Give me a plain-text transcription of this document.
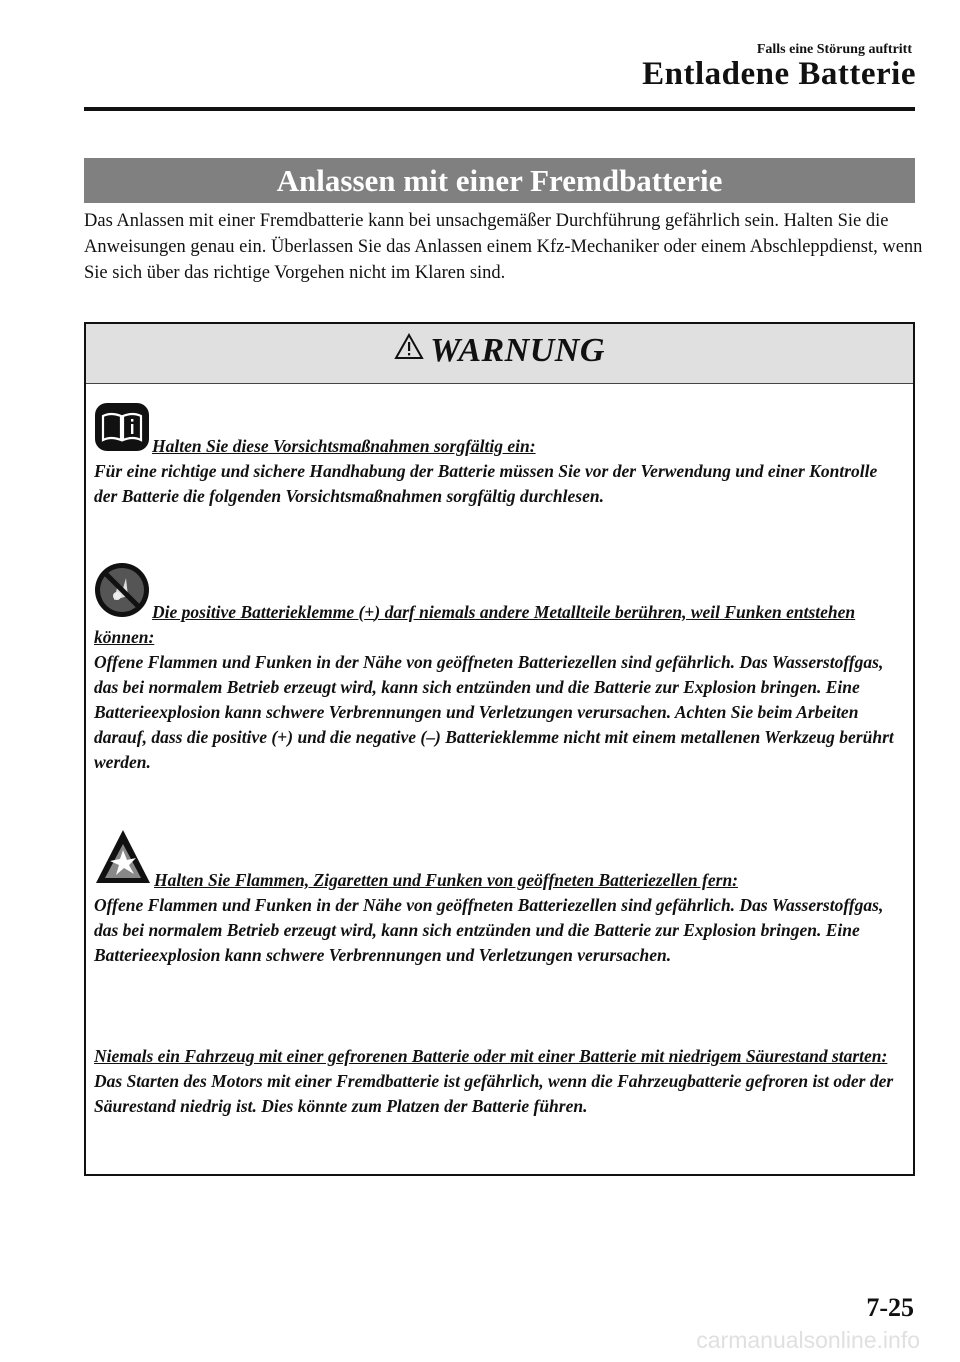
Falls eine Störung auftritt
Entladene Batterie
Anlassen mit einer Fremdbatterie
Das Anlassen mit einer Fremdbatterie kann bei unsachgemäßer Durchführung gefährlich sein. Halten Sie die Anweisungen genau ein. Überlassen Sie das Anlassen einem Kfz-Mechaniker oder einem Abschleppdienst, wenn Sie sich über das richtige Vorgehen nicht im Klaren sind.
WARNUNG
Halten Sie diese Vorsichtsmaßnahmen sorgfältig ein:
Für eine richtige und sichere Handhabung der Batterie müssen Sie vor der Verwendung und einer Kontrolle der Batterie die folgenden Vorsichtsmaßnahmen sorgfältig durchlesen.
Die positive Batterieklemme (+) darf niemals andere Metallteile berühren, weil Funken entstehen können:
Offene Flammen und Funken in der Nähe von geöffneten Batteriezellen sind gefährlich. Das Wasserstoffgas, das bei normalem Betrieb erzeugt wird, kann sich entzünden und die Batterie zur Explosion bringen. Eine Batterieexplosion kann schwere Verbrennungen und Verletzungen verursachen. Achten Sie beim Arbeiten darauf, dass die positive (+) und die negative (–) Batterieklemme nicht mit einem metallenen Werkzeug berührt werden.
Halten Sie Flammen, Zigaretten und Funken von geöffneten Batteriezellen fern:
Offene Flammen und Funken in der Nähe von geöffneten Batteriezellen sind gefährlich. Das Wasserstoffgas, das bei normalem Betrieb erzeugt wird, kann sich entzünden und die Batterie zur Explosion bringen. Eine Batterieexplosion kann schwere Verbrennungen und Verletzungen verursachen.
Niemals ein Fahrzeug mit einer gefrorenen Batterie oder mit einer Batterie mit niedrigem Säurestand starten:
Das Starten des Motors mit einer Fremdbatterie ist gefährlich, wenn die Fahrzeugbatterie gefroren ist oder der Säurestand niedrig ist. Dies könnte zum Platzen der Batterie führen.
7-25
carmanualsonline.info
